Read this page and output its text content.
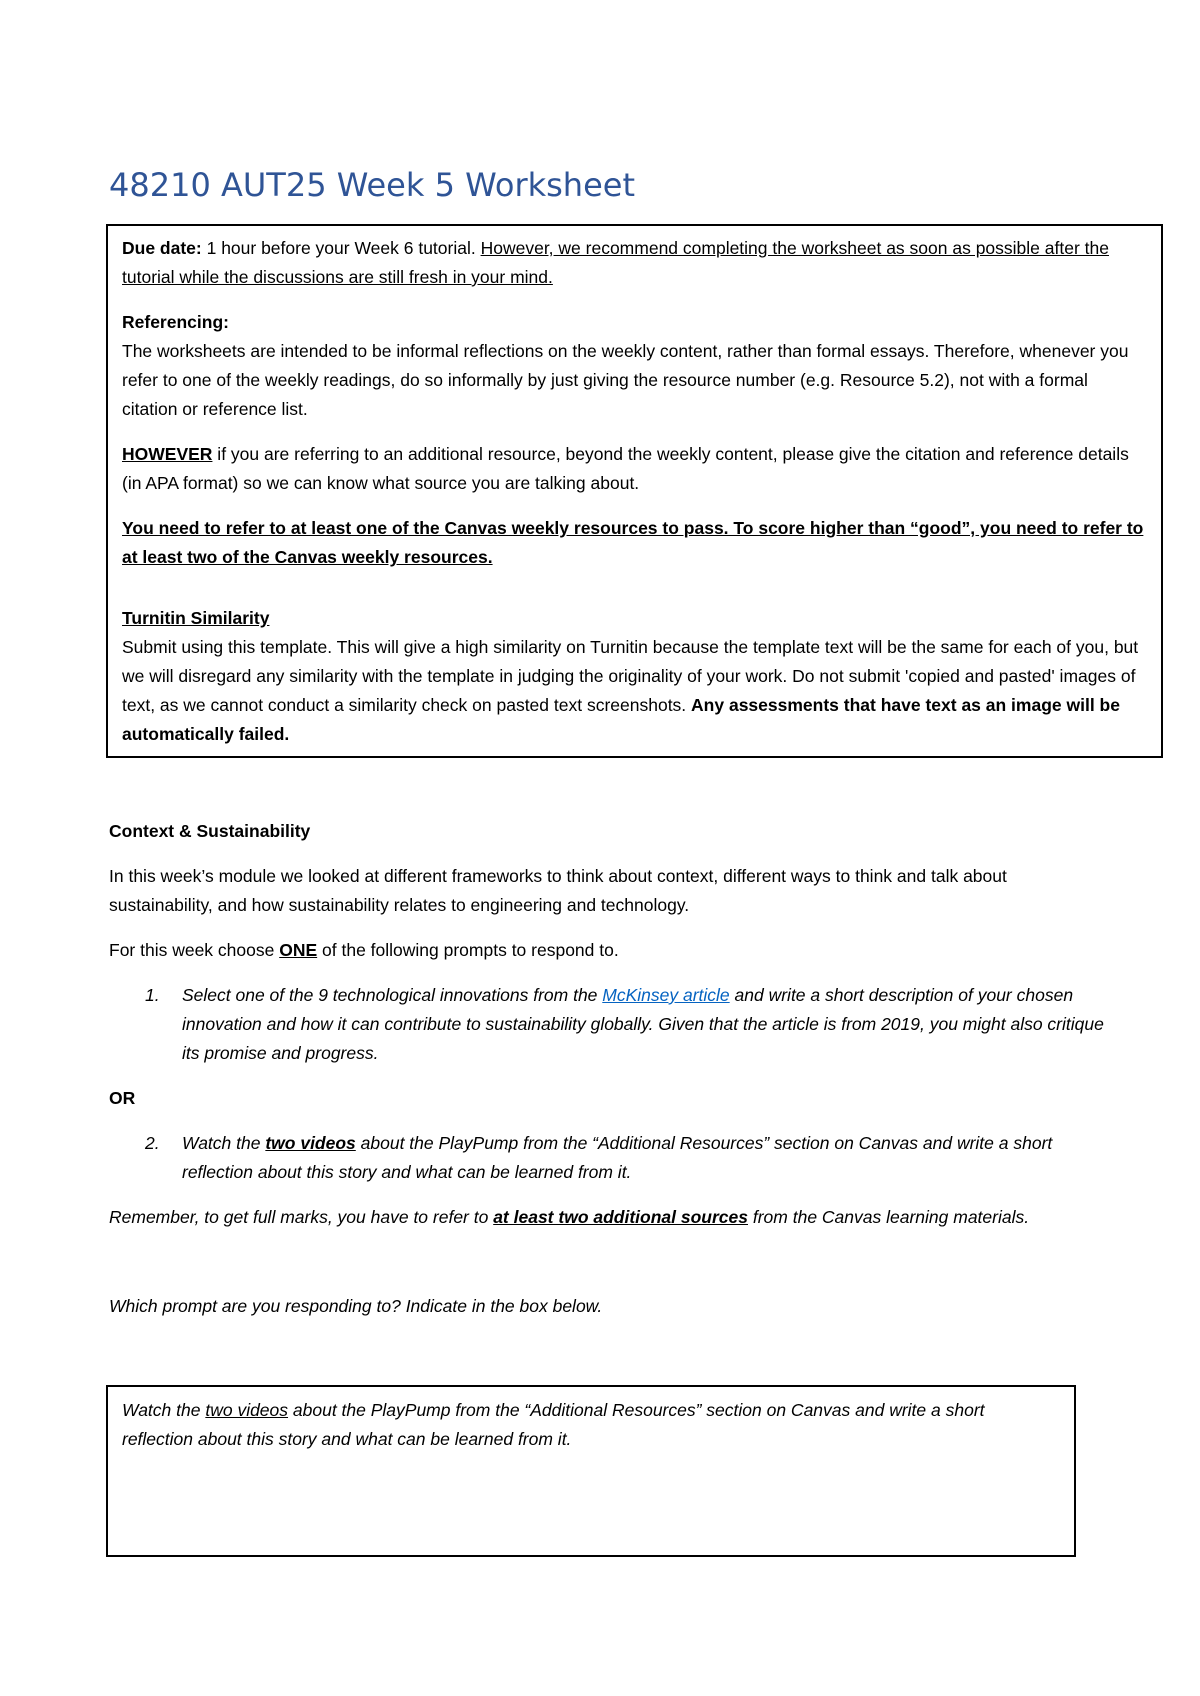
48210 AUT25 Week 5 Worksheet

Due date: 1 hour before your Week 6 tutorial. However, we recommend completing the worksheet as soon as possible after the tutorial while the discussions are still fresh in your mind.

Referencing:

The worksheets are intended to be informal reflections on the weekly content, rather than formal essays. Therefore, whenever you refer to one of the weekly readings, do so informally by just giving the resource number (e.g. Resource 5.2), not with a formal citation or reference list.

HOWEVER if you are referring to an additional resource, beyond the weekly content, please give the citation and reference details (in APA format) so we can know what source you are talking about.

You need to refer to at least one of the Canvas weekly resources to pass. To score higher than “good”, you need to refer to at least two of the Canvas weekly resources.

Turnitin Similarity

Submit using this template. This will give a high similarity on Turnitin because the template text will be the same for each of you, but we will disregard any similarity with the template in judging the originality of your work. Do not submit 'copied and pasted' images of text, as we cannot conduct a similarity check on pasted text screenshots. Any assessments that have text as an image will be automatically failed.

Context & Sustainability

In this week’s module we looked at different frameworks to think about context, different ways to think and talk about sustainability, and how sustainability relates to engineering and technology.

For this week choose ONE of the following prompts to respond to.

1. Select one of the 9 technological innovations from the McKinsey article and write a short description of your chosen innovation and how it can contribute to sustainability globally. Given that the article is from 2019, you might also critique its promise and progress.

OR

2. Watch the two videos about the PlayPump from the “Additional Resources” section on Canvas and write a short reflection about this story and what can be learned from it.

Remember, to get full marks, you have to refer to at least two additional sources from the Canvas learning materials.

Which prompt are you responding to? Indicate in the box below.

Watch the two videos about the PlayPump from the “Additional Resources” section on Canvas and write a short reflection about this story and what can be learned from it.
